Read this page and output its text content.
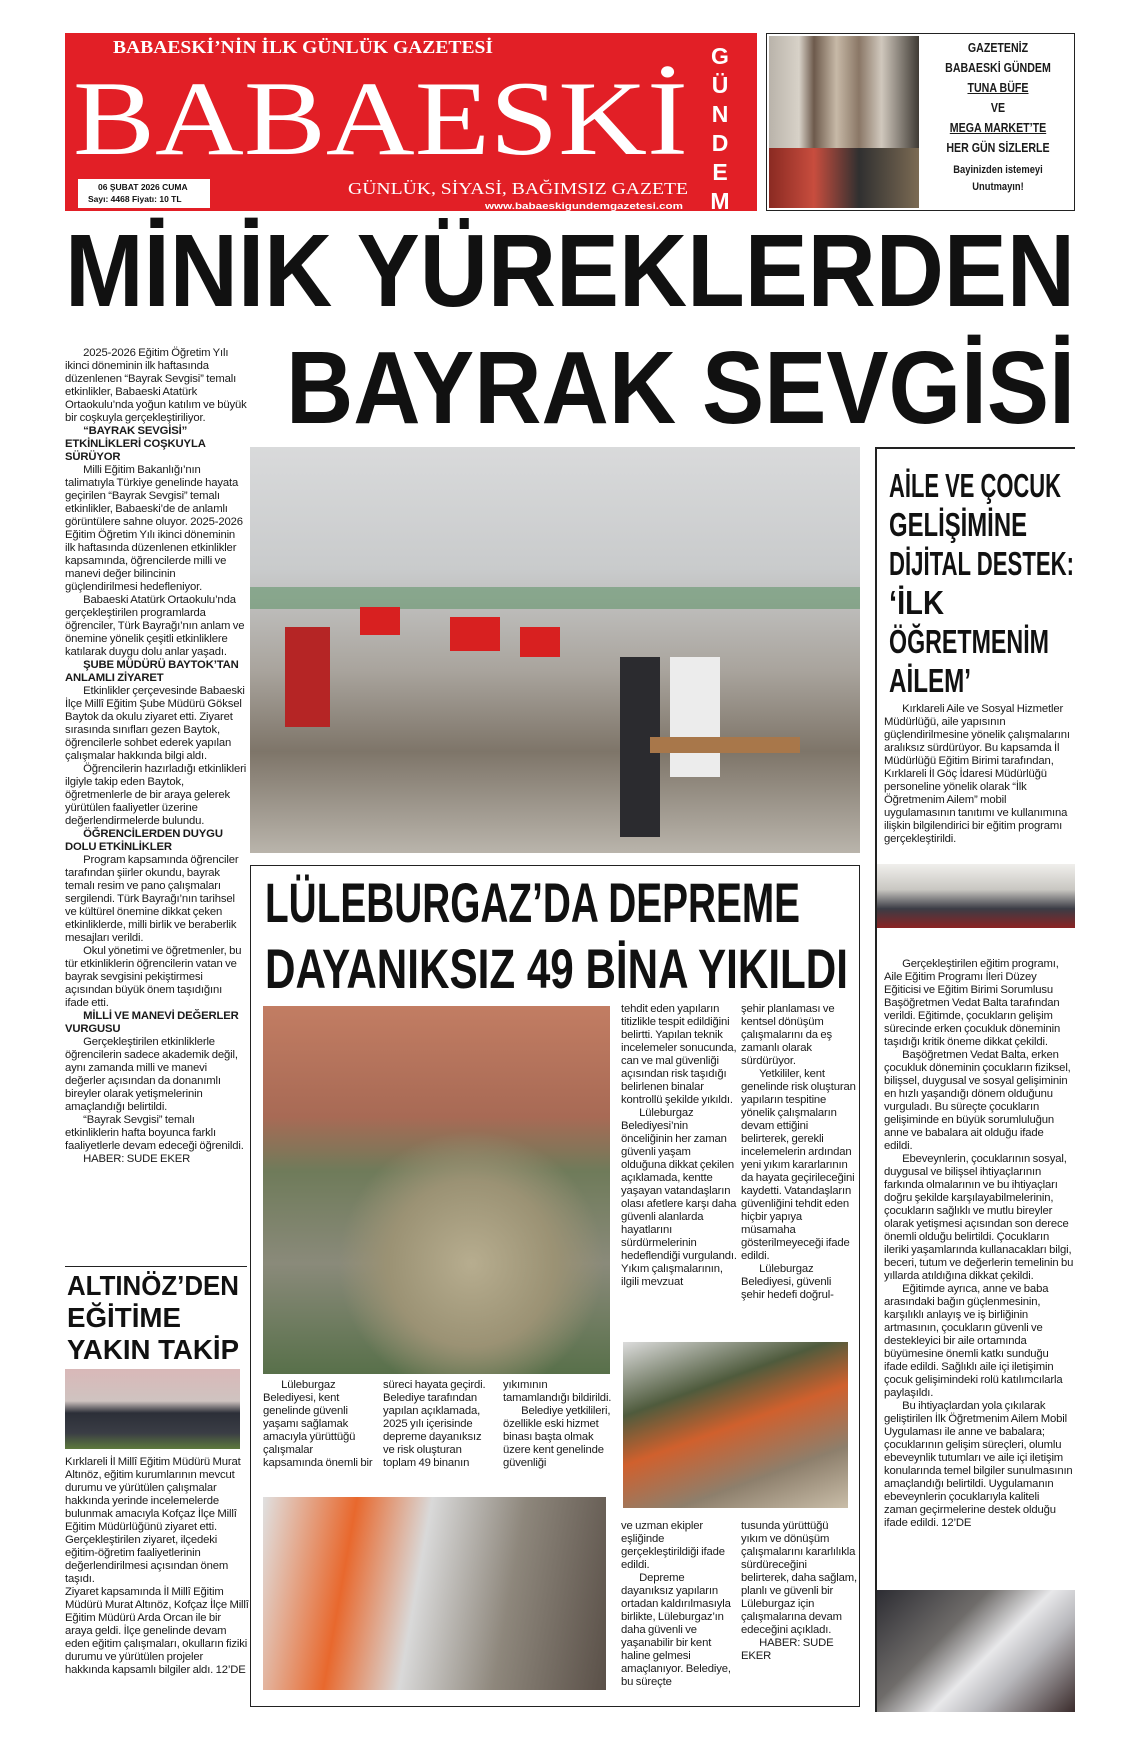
BABAESKİ’NİN İLK GÜNLÜK GAZETESİ
BABAESKİ
GÜNLÜK, SİYASİ, BAĞIMSIZ GAZETE
www.babaeskigundemgazetesi.com
G
Ü
N
D
E
M
06 ŞUBAT 2026 CUMA
Sayı: 4468 Fiyatı: 10 TL
GAZETENİZ
BABAESKİ GÜNDEM
TUNA BÜFE
VE
MEGA MARKET’TE
HER GÜN SİZLERLE
Bayinizden istemeyi
Unutmayın!
MİNİK YÜREKLERDEN
BAYRAK SEVGİSİ

2025-2026 Eğitim Öğretim Yılı ikinci döneminin ilk haftasında düzenlenen “Bayrak Sevgisi” temalı etkinlikler, Babaeski Atatürk Ortaokulu’nda yoğun katılım ve büyük bir coşkuyla gerçekleştiriliyor.

“BAYRAK SEVGİSİ” ETKİNLİKLERİ COŞKUYLA SÜRÜYOR

Milli Eğitim Bakanlığı’nın talimatıyla Türkiye genelinde hayata geçirilen “Bayrak Sevgisi” temalı etkinlikler, Babaeski’de de anlamlı görüntülere sahne oluyor. 2025-2026 Eğitim Öğretim Yılı ikinci döneminin ilk haftasında düzenlenen etkinlikler kapsamında, öğrencilerde milli ve manevi değer bilincinin güçlendirilmesi hedefleniyor.

Babaeski Atatürk Ortaokulu’nda gerçekleştirilen programlarda öğrenciler, Türk Bayrağı’nın anlam ve önemine yönelik çeşitli etkinliklere katılarak duygu dolu anlar yaşadı.

ŞUBE MÜDÜRÜ BAYTOK’TAN ANLAMLI ZİYARET

Etkinlikler çerçevesinde Babaeski İlçe Millî Eğitim Şube Müdürü Göksel Baytok da okulu ziyaret etti. Ziyaret sırasında sınıfları gezen Baytok, öğrencilerle sohbet ederek yapılan çalışmalar hakkında bilgi aldı.

Öğrencilerin hazırladığı etkinlikleri ilgiyle takip eden Baytok, öğretmenlerle de bir araya gelerek yürütülen faaliyetler üzerine değerlendirmelerde bulundu.

ÖĞRENCİLERDEN DUYGU DOLU ETKİNLİKLER

Program kapsamında öğrenciler tarafından şiirler okundu, bayrak temalı resim ve pano çalışmaları sergilendi. Türk Bayrağı’nın tarihsel ve kültürel önemine dikkat çeken etkinliklerde, milli birlik ve beraberlik mesajları verildi.

Okul yönetimi ve öğretmenler, bu tür etkinliklerin öğrencilerin vatan ve bayrak sevgisini pekiştirmesi açısından büyük önem taşıdığını ifade etti.

MİLLİ VE MANEVİ DEĞERLER VURGUSU

Gerçekleştirilen etkinliklerle öğrencilerin sadece akademik değil, aynı zamanda milli ve manevi değerler açısından da donanımlı bireyler olarak yetişmelerinin amaçlandığı belirtildi.

“Bayrak Sevgisi” temalı etkinliklerin hafta boyunca farklı faaliyetlerle devam edeceği öğrenildi.

HABER: SUDE EKER

AİLE VE ÇOCUK
GELİŞİMİNE
DİJİTAL DESTEK:
‘İLK
ÖĞRETMENİM
AİLEM’

Kırklareli Aile ve Sosyal Hizmetler Müdürlüğü, aile yapısının güçlendirilmesine yönelik çalışmalarını aralıksız sürdürüyor. Bu kapsamda İl Müdürlüğü Eğitim Birimi tarafından, Kırklareli İl Göç İdaresi Müdürlüğü personeline yönelik olarak “İlk Öğretmenim Ailem” mobil uygulamasının tanıtımı ve kullanımına ilişkin bilgilendirici bir eğitim programı gerçekleştirildi.

Gerçekleştirilen eğitim programı, Aile Eğitim Programı İleri Düzey Eğiticisi ve Eğitim Birimi Sorumlusu Başöğretmen Vedat Balta tarafından verildi. Eğitimde, çocukların gelişim sürecinde erken çocukluk döneminin taşıdığı kritik öneme dikkat çekildi.

Başöğretmen Vedat Balta, erken çocukluk döneminin çocukların fiziksel, bilişsel, duygusal ve sosyal gelişiminin en hızlı yaşandığı dönem olduğunu vurguladı. Bu süreçte çocukların gelişiminde en büyük sorumluluğun anne ve babalara ait olduğu ifade edildi.

Ebeveynlerin, çocuklarının sosyal, duygusal ve bilişsel ihtiyaçlarının farkında olmalarının ve bu ihtiyaçları doğru şekilde karşılayabilmelerinin, çocukların sağlıklı ve mutlu bireyler olarak yetişmesi açısından son derece önemli olduğu belirtildi. Çocukların ileriki yaşamlarında kullanacakları bilgi, beceri, tutum ve değerlerin temelinin bu yıllarda atıldığına dikkat çekildi.

Eğitimde ayrıca, anne ve baba arasındaki bağın güçlenmesinin, karşılıklı anlayış ve iş birliğinin artmasının, çocukların güvenli ve destekleyici bir aile ortamında büyümesine önemli katkı sunduğu ifade edildi. Sağlıklı aile içi iletişimin çocuk gelişimindeki rolü katılımcılarla paylaşıldı.

Bu ihtiyaçlardan yola çıkılarak geliştirilen İlk Öğretmenim Ailem Mobil Uygulaması ile anne ve babalara; çocuklarının gelişim süreçleri, olumlu ebeveynlik tutumları ve aile içi iletişim konularında temel bilgiler sunulmasının amaçlandığı belirtildi. Uygulamanın ebeveynlerin çocuklarıyla kaliteli zaman geçirmelerine destek olduğu ifade edildi. 12’DE

LÜLEBURGAZ’DA DEPREME
DAYANIKSIZ 49 BİNA YIKILDI

Lüleburgaz Belediyesi, kent genelinde güvenli yaşamı sağlamak amacıyla yürüttüğü çalışmalar kapsamında önemli bir süreci hayata geçirdi. Belediye tarafından yapılan açıklamada, 2025 yılı içerisinde depreme dayanıksız ve risk oluşturan toplam 49 binanın yıkımının tamamlandığı bildirildi.

Belediye yetkilileri, özellikle eski hizmet binası başta olmak üzere kent genelinde güvenliği

tehdit eden yapıların titizlikle tespit edildiğini belirtti. Yapılan teknik incelemeler sonucunda, can ve mal güvenliği açısından risk taşıdığı belirlenen binalar kontrollü şekilde yıkıldı.

Lüleburgaz Belediyesi’nin önceliğinin her zaman güvenli yaşam olduğuna dikkat çekilen açıklamada, kentte yaşayan vatandaşların olası afetlere karşı daha güvenli alanlarda hayatlarını sürdürmelerinin hedeflendiği vurgulandı. Yıkım çalışmalarının, ilgili mevzuat

şehir planlaması ve kentsel dönüşüm çalışmalarını da eş zamanlı olarak sürdürüyor.

Yetkililer, kent genelinde risk oluşturan yapıların tespitine yönelik çalışmaların devam ettiğini belirterek, gerekli incelemelerin ardından yeni yıkım kararlarının da hayata geçirileceğini kaydetti. Vatandaşların güvenliğini tehdit eden hiçbir yapıya müsamaha gösterilmeyeceği ifade edildi.

Lüleburgaz Belediyesi, güvenli şehir hedefi doğrul-

ve uzman ekipler eşliğinde gerçekleştirildiği ifade edildi.

Depreme dayanıksız yapıların ortadan kaldırılmasıyla birlikte, Lüleburgaz’ın daha güvenli ve yaşanabilir bir kent haline gelmesi amaçlanıyor. Belediye, bu süreçte

tusunda yürüttüğü yıkım ve dönüşüm çalışmalarını kararlılıkla sürdüreceğini belirterek, daha sağlam, planlı ve güvenli bir Lüleburgaz için çalışmalarına devam edeceğini açıkladı.

HABER: SUDE EKER

ALTINÖZ’DEN
EĞİTİME
YAKIN TAKİP

Kırklareli İl Millî Eğitim Müdürü Murat Altınöz, eğitim kurumlarının mevcut durumu ve yürütülen çalışmalar hakkında yerinde incelemelerde bulunmak amacıyla Kofçaz İlçe Millî Eğitim Müdürlüğünü ziyaret etti. Gerçekleştirilen ziyaret, ilçedeki eğitim-öğretim faaliyetlerinin değerlendirilmesi açısından önem taşıdı.

Ziyaret kapsamında İl Millî Eğitim Müdürü Murat Altınöz, Kofçaz İlçe Millî Eğitim Müdürü Arda Orcan ile bir araya geldi. İlçe genelinde devam eden eğitim çalışmaları, okulların fiziki durumu ve yürütülen projeler hakkında kapsamlı bilgiler aldı. 12’DE
